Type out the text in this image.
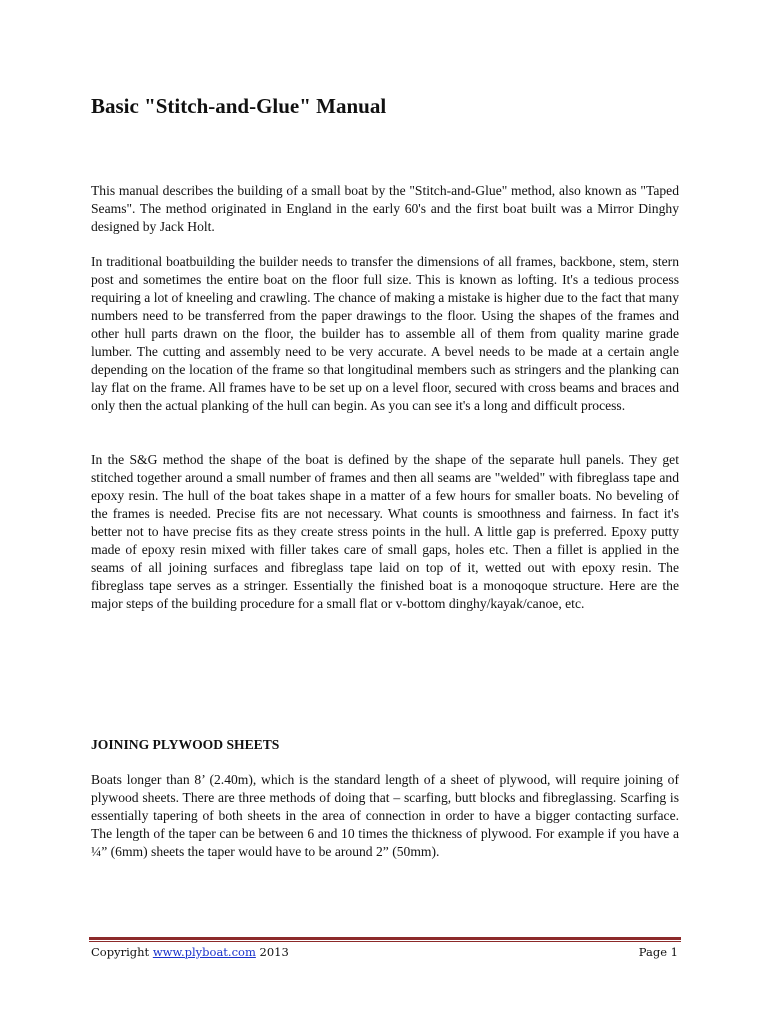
Basic "Stitch-and-Glue" Manual

This manual describes the building of a small boat by the "Stitch-and-Glue" method, also known as "Taped Seams". The method originated in England in the early 60's and the first boat built was a Mirror Dinghy designed by Jack Holt.

In traditional boatbuilding the builder needs to transfer the dimensions of all frames, backbone, stem, stern post and sometimes the entire boat on the floor full size. This is known as lofting. It's a tedious process requiring a lot of kneeling and crawling. The chance of making a mistake is higher due to the fact that many numbers need to be transferred from the paper drawings to the floor. Using the shapes of the frames and other hull parts drawn on the floor, the builder has to assemble all of them from quality marine grade lumber. The cutting and assembly need to be very accurate. A bevel needs to be made at a certain angle depending on the location of the frame so that longitudinal members such as stringers and the planking can lay flat on the frame. All frames have to be set up on a level floor, secured with cross beams and braces and only then the actual planking of the hull can begin. As you can see it's a long and difficult process.

In the S&G method the shape of the boat is defined by the shape of the separate hull panels. They get stitched together around a small number of frames and then all seams are "welded" with fibreglass tape and epoxy resin. The hull of the boat takes shape in a matter of a few hours for smaller boats. No beveling of the frames is needed. Precise fits are not necessary. What counts is smoothness and fairness. In fact it's better not to have precise fits as they create stress points in the hull. A little gap is preferred. Epoxy putty made of epoxy resin mixed with filler takes care of small gaps, holes etc. Then a fillet is applied in the seams of all joining surfaces and fibreglass tape laid on top of it, wetted out with epoxy resin. The fibreglass tape serves as a stringer. Essentially the finished boat is a monoqoque structure. Here are the major steps of the building procedure for a small flat or v-bottom dinghy/kayak/canoe, etc.

JOINING PLYWOOD SHEETS

Boats longer than 8’ (2.40m), which is the standard length of a sheet of plywood, will require joining of plywood sheets. There are three methods of doing that – scarfing, butt blocks and fibreglassing. Scarfing is essentially tapering of both sheets in the area of connection in order to have a bigger contacting surface. The length of the taper can be between 6 and 10 times the thickness of plywood. For example if you have a ¼” (6mm) sheets the taper would have to be around 2” (50mm).

Copyright www.plyboat.com 2013	Page 1
